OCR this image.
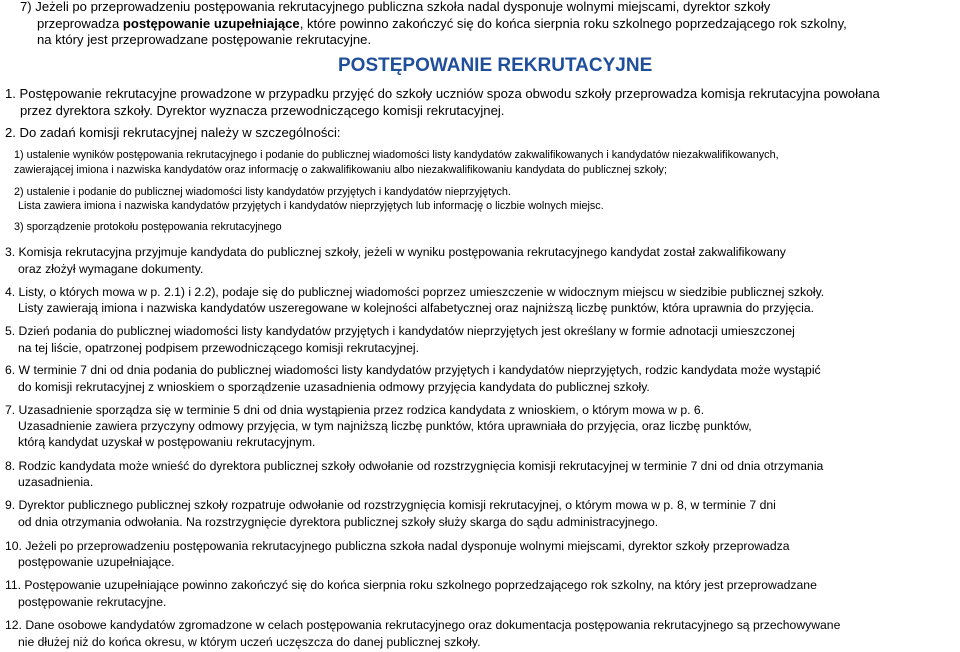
7) Jeżeli po przeprowadzeniu postępowania rekrutacyjnego publiczna szkoła nadal dysponuje wolnymi miejscami, dyrektor szkoły
przeprowadza postępowanie uzupełniające, które powinno zakończyć się do końca sierpnia roku szkolnego poprzedzającego rok szkolny,
na który jest przeprowadzane postępowanie rekrutacyjne.
POSTĘPOWANIE REKRUTACYJNE
1. Postępowanie rekrutacyjne prowadzone w przypadku przyjęć do szkoły uczniów spoza obwodu szkoły przeprowadza komisja rekrutacyjna powołana
przez dyrektora szkoły. Dyrektor wyznacza przewodniczącego komisji rekrutacyjnej.
2. Do zadań komisji rekrutacyjnej należy w szczególności:
1) ustalenie wyników postępowania rekrutacyjnego i podanie do publicznej wiadomości listy kandydatów zakwalifikowanych i kandydatów niezakwalifikowanych,
zawierającej imiona i nazwiska kandydatów oraz informację o zakwalifikowaniu albo niezakwalifikowaniu kandydata do publicznej szkoły;
2) ustalenie i podanie do publicznej wiadomości listy kandydatów przyjętych i kandydatów nieprzyjętych.
Lista zawiera imiona i nazwiska kandydatów przyjętych i kandydatów nieprzyjętych lub informację o liczbie wolnych miejsc.
3) sporządzenie protokołu postępowania rekrutacyjnego
3. Komisja rekrutacyjna przyjmuje kandydata do publicznej szkoły, jeżeli w wyniku postępowania rekrutacyjnego kandydat został zakwalifikowany
oraz złożył wymagane dokumenty.
4. Listy, o których mowa w p. 2.1) i 2.2), podaje się do publicznej wiadomości poprzez umieszczenie w widocznym miejscu w siedzibie publicznej szkoły.
Listy zawierają imiona i nazwiska kandydatów uszeregowane w kolejności alfabetycznej oraz najniższą liczbę punktów, która uprawnia do przyjęcia.
5. Dzień podania do publicznej wiadomości listy kandydatów przyjętych i kandydatów nieprzyjętych jest określany w formie adnotacji umieszczonej
na tej liście, opatrzonej podpisem przewodniczącego komisji rekrutacyjnej.
6. W terminie 7 dni od dnia podania do publicznej wiadomości listy kandydatów przyjętych i kandydatów nieprzyjętych, rodzic kandydata może wystąpić
do komisji rekrutacyjnej z wnioskiem o sporządzenie uzasadnienia odmowy przyjęcia kandydata do publicznej szkoły.
7. Uzasadnienie sporządza się w terminie 5 dni od dnia wystąpienia przez rodzica kandydata z wnioskiem, o którym mowa w p. 6.
Uzasadnienie zawiera przyczyny odmowy przyjęcia, w tym najniższą liczbę punktów, która uprawniała do przyjęcia, oraz liczbę punktów,
którą kandydat uzyskał w postępowaniu rekrutacyjnym.
8. Rodzic kandydata może wnieść do dyrektora publicznej szkoły odwołanie od rozstrzygnięcia komisji rekrutacyjnej w terminie 7 dni od dnia otrzymania
uzasadnienia.
9. Dyrektor publicznego publicznej szkoły rozpatruje odwołanie od rozstrzygnięcia komisji rekrutacyjnej, o którym mowa w p. 8, w terminie 7 dni
od dnia otrzymania odwołania. Na rozstrzygnięcie dyrektora publicznej szkoły służy skarga do sądu administracyjnego.
10. Jeżeli po przeprowadzeniu postępowania rekrutacyjnego publiczna szkoła nadal dysponuje wolnymi miejscami, dyrektor szkoły przeprowadza
postępowanie uzupełniające.
11. Postępowanie uzupełniające powinno zakończyć się do końca sierpnia roku szkolnego poprzedzającego rok szkolny, na który jest przeprowadzane
postępowanie rekrutacyjne.
12. Dane osobowe kandydatów zgromadzone w celach postępowania rekrutacyjnego oraz dokumentacja postępowania rekrutacyjnego są przechowywane
nie dłużej niż do końca okresu, w którym uczeń uczęszcza do danej publicznej szkoły.
